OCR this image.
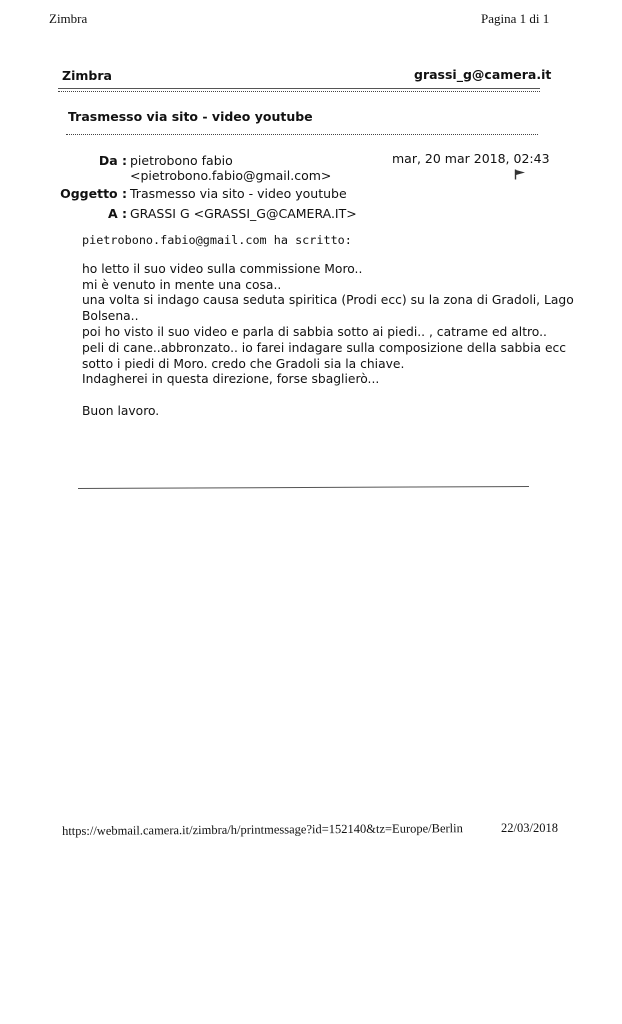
Zimbra	Pagina 1 di 1
Zimbra	grassi_g@camera.it
Trasmesso via sito - video youtube
Da : pietrobono fabio
<pietrobono.fabio@gmail.com>
mar, 20 mar 2018, 02:43
Oggetto : Trasmesso via sito - video youtube
A : GRASSI G <GRASSI_G@CAMERA.IT>
pietrobono.fabio@gmail.com ha scritto:
ho letto il suo video sulla commissione Moro..
mi è venuto in mente una cosa..
una volta si indago causa seduta spiritica (Prodi ecc) su la zona di Gradoli, Lago
Bolsena..
poi ho visto il suo video e parla di sabbia sotto ai piedi.. , catrame ed altro..
peli di cane..abbronzato.. io farei indagare sulla composizione della sabbia ecc
sotto i piedi di Moro. credo che Gradoli sia la chiave.
Indagherei in questa direzione, forse sbaglierò...
Buon lavoro.
https://webmail.camera.it/zimbra/h/printmessage?id=152140&tz=Europe/Berlin	22/03/2018
